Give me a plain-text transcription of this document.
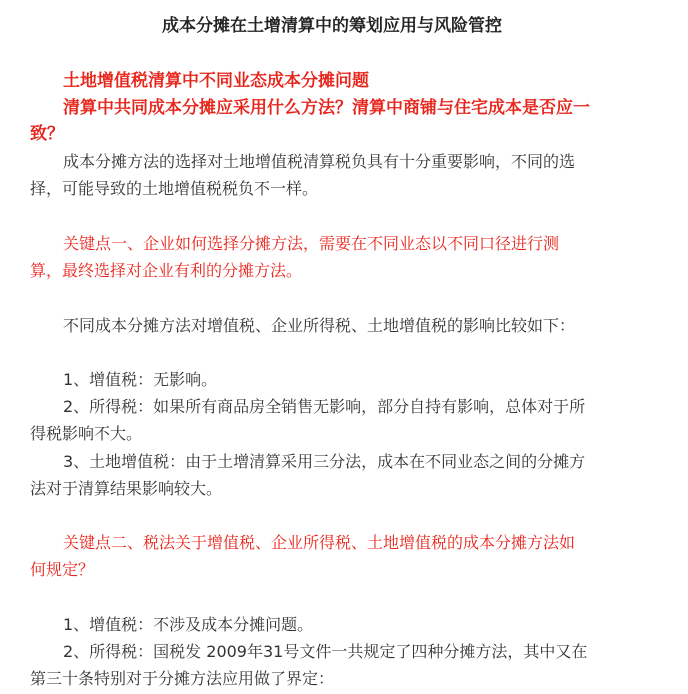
成本分摊在土增清算中的筹划应用与风险管控
土地增值税清算中不同业态成本分摊问题
清算中共同成本分摊应采用什么方法？清算中商铺与住宅成本是否应一
致？
成本分摊方法的选择对土地增值税清算税负具有十分重要影响，不同的选
择，可能导致的土地增值税税负不一样。
关键点一、企业如何选择分摊方法，需要在不同业态以不同口径进行测
算，最终选择对企业有利的分摊方法。
不同成本分摊方法对增值税、企业所得税、土地增值税的影响比较如下：
1、增值税：无影响。
2、所得税：如果所有商品房全销售无影响，部分自持有影响，总体对于所
得税影响不大。
3、土地增值税：由于土增清算采用三分法，成本在不同业态之间的分摊方
法对于清算结果影响较大。
关键点二、税法关于增值税、企业所得税、土地增值税的成本分摊方法如
何规定？
1、增值税：不涉及成本分摊问题。
2、所得税：国税发 2009年31号文件一共规定了四种分摊方法，其中又在
第三十条特别对于分摊方法应用做了界定：
